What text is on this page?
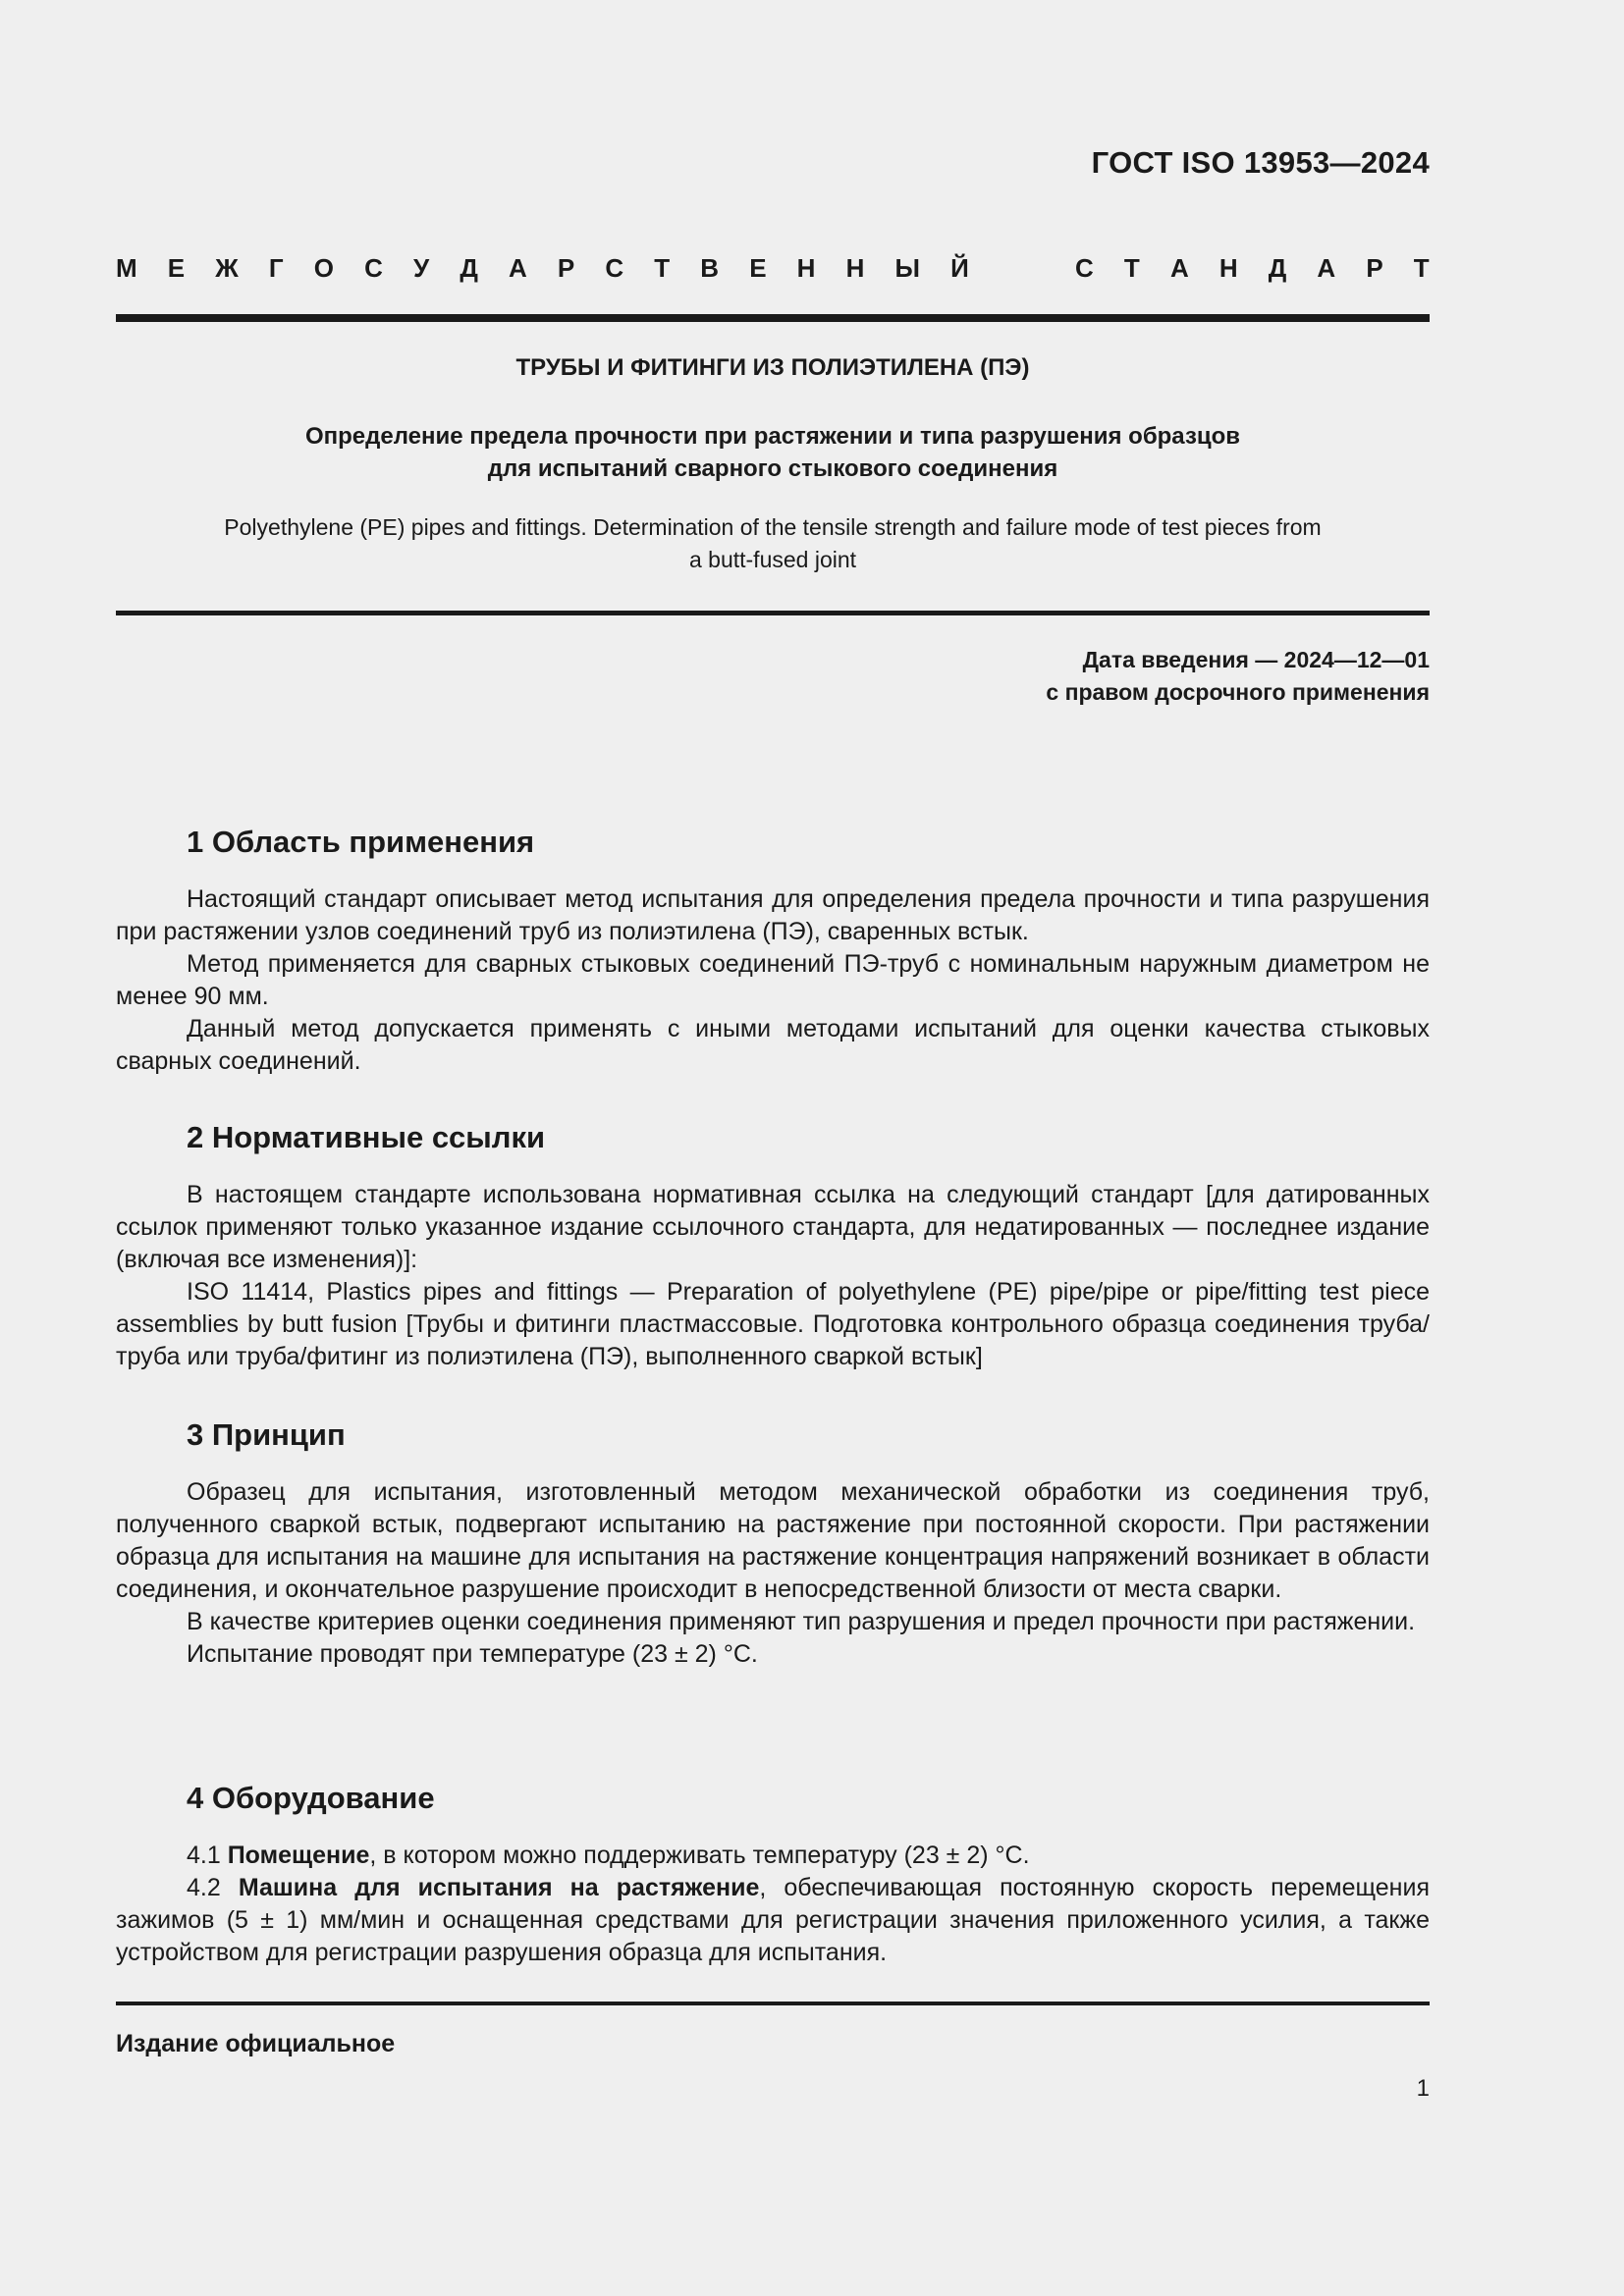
ГОСТ ISO 13953—2024
М Е Ж Г О С У Д А Р С Т В Е Н Н Ы Й	С Т А Н Д А Р Т
ТРУБЫ И ФИТИНГИ ИЗ ПОЛИЭТИЛЕНА (ПЭ)
Определение предела прочности при растяжении и типа разрушения образцов
для испытаний сварного стыкового соединения
Polyethylene (PE) pipes and fittings. Determination of the tensile strength and failure mode of test pieces from
a butt-fused joint
Дата введения — 2024—12—01
с правом досрочного применения
1 Область применения

Настоящий стандарт описывает метод испытания для определения предела прочности и типа разрушения при растяжении узлов соединений труб из полиэтилена (ПЭ), сваренных встык.

Метод применяется для сварных стыковых соединений ПЭ-труб с номинальным наружным диаметром не менее 90 мм.

Данный метод допускается применять с иными методами испытаний для оценки качества стыковых сварных соединений.

2 Нормативные ссылки

В настоящем стандарте использована нормативная ссылка на следующий стандарт [для датированных ссылок применяют только указанное издание ссылочного стандарта, для недатированных — последнее издание (включая все изменения)]:

ISO 11414, Plastics pipes and fittings — Preparation of polyethylene (PE) pipe/pipe or pipe/fitting test piece assemblies by butt fusion [Трубы и фитинги пластмассовые. Подготовка контрольного образца соединения труба/труба или труба/фитинг из полиэтилена (ПЭ), выполненного сваркой встык]

3 Принцип

Образец для испытания, изготовленный методом механической обработки из соединения труб, полученного сваркой встык, подвергают испытанию на растяжение при постоянной скорости. При растяжении образца для испытания на машине для испытания на растяжение концентрация напряжений возникает в области соединения, и окончательное разрушение происходит в непосредственной близости от места сварки.

В качестве критериев оценки соединения применяют тип разрушения и предел прочности при растяжении.

Испытание проводят при температуре (23 ± 2) °С.

4 Оборудование

4.1 Помещение, в котором можно поддерживать температуру (23 ± 2) °С.

4.2 Машина для испытания на растяжение, обеспечивающая постоянную скорость перемещения зажимов (5 ± 1) мм/мин и оснащенная средствами для регистрации значения приложенного усилия, а также устройством для регистрации разрушения образца для испытания.

Издание официальное
1
